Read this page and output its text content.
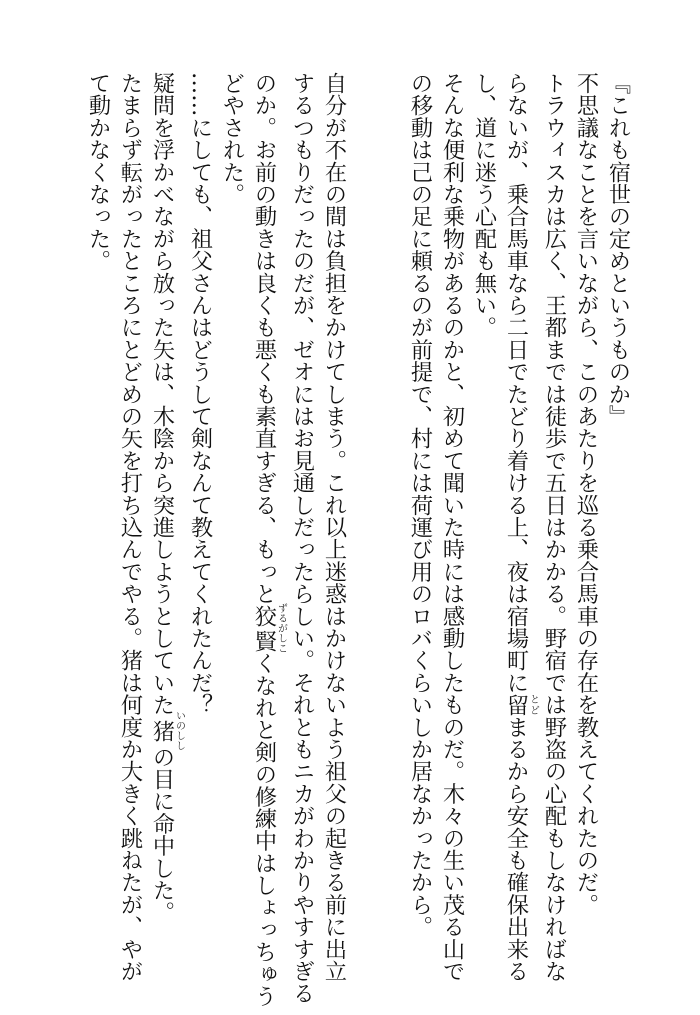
『これも宿世の定めというものか』
不思議なことを言いながら、このあたりを巡る乗合馬車の存在を教えてくれたのだ。
トラウィスカは広く、王都までは徒歩で五日はかかる。野宿では野盗の心配もしなければな
らないが、乗合馬車なら二日でたどり着ける上、夜は宿場町に留とどまるから安全も確保出来る
し、道に迷う心配も無い。
そんな便利な乗物があるのかと、初めて聞いた時には感動したものだ。木々の生い茂る山で
の移動は己の足に頼るのが前提で、村には荷運び用のロバくらいしか居なかったから。
自分が不在の間は負担をかけてしまう。これ以上迷惑はかけないよう祖父の起きる前に出立
するつもりだったのだが、ゼオにはお見通しだったらしい。それともニカがわかりやすすぎる
のか。お前の動きは良くも悪くも素直すぎる、もっと狡賢ずるがしこくなれと剣の修練中はしょっちゅう
どやされた。
……にしても、祖父さんはどうして剣なんて教えてくれたんだ？
疑問を浮かべながら放った矢は、木陰から突進しようとしていた猪いのししの目に命中した。
たまらず転がったところにとどめの矢を打ち込んでやる。猪は何度か大きく跳ねたが、やが
て動かなくなった。
